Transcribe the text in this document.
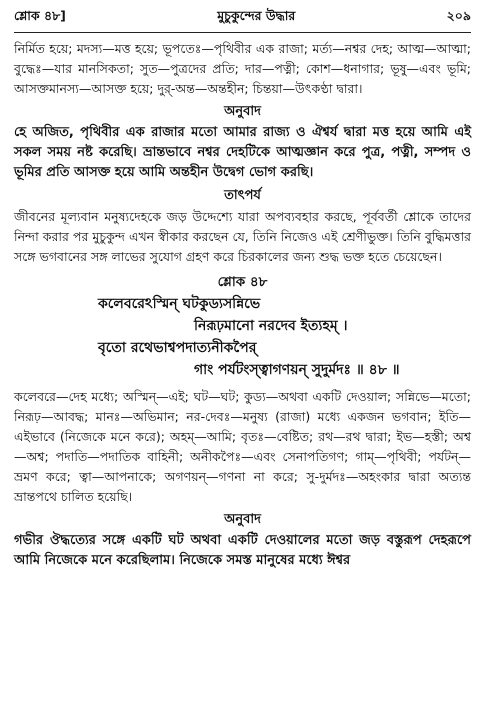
শ্লোক ৪৮]	মুচুকুন্দের উদ্ধার	২০৯

নির্মিত হয়ে; মদস্য—মত্ত হয়ে; ভূপতেঃ—পৃথিবীর এক রাজা; মর্ত্য—নশ্বর দেহ; আত্ম—আত্মা; বুদ্ধেঃ—যার মানসিকতা; সুত—পুত্রদের প্রতি; দার—পত্নী; কোশ—ধনাগার; ভূষু—এবং ভূমি; আসক্তমানস্য—আসক্ত হয়ে; দুর্-অন্ত—অন্তহীন; চিন্তয়া—উৎকণ্ঠা দ্বারা।

অনুবাদ

হে অজিত, পৃথিবীর এক রাজার মতো আমার রাজ্য ও ঐশ্বর্য দ্বারা মত্ত হয়ে আমি এই সকল সময় নষ্ট করেছি। ভ্রান্তভাবে নশ্বর দেহটিকে আত্মজ্ঞান করে পুত্র, পত্নী, সম্পদ ও ভূমির প্রতি আসক্ত হয়ে আমি অন্তহীন উদ্বেগ ভোগ করছি।

তাৎপর্য

জীবনের মূল্যবান মনুষ্যদেহকে জড় উদ্দেশ্যে যারা অপব্যবহার করছে, পূর্ববর্তী শ্লোকে তাদের নিন্দা করার পর মুচুকুন্দ এখন স্বীকার করছেন যে, তিনি নিজেও এই শ্রেণীভুক্ত। তিনি বুদ্ধিমত্তার সঙ্গে ভগবানের সঙ্গ লাভের সুযোগ গ্রহণ করে চিরকালের জন্য শুদ্ধ ভক্ত হতে চেয়েছেন।

শ্লোক ৪৮
কলেবরেঽস্মিন্ ঘটকুড্যসন্নিভে
নিরূঢ়মানো নরদেব ইত্যহম্ ।
বৃতো রথেভাশ্বপদাত্যনীকপৈর্
গাং পর্যটংস্ত্বাগণয়ন্ সুদুর্মদঃ ॥ ৪৮ ॥

কলেবরে—দেহ মধ্যে; অস্মিন্—এই; ঘট—ঘট; কুড্য—অথবা একটি দেওয়াল; সন্নিভে—মতো; নিরূঢ়—আবদ্ধ; মানঃ—অভিমান; নর-দেবঃ—মনুষ্য (রাজা) মধ্যে একজন ভগবান; ইতি—এইভাবে (নিজেকে মনে করে); অহম্—আমি; বৃতঃ—বেষ্টিত; রথ—রথ দ্বারা; ইভ—হস্তী; অশ্ব—অশ্ব; পদাতি—পদাতিক বাহিনী; অনীকপৈঃ—এবং সেনাপতিগণ; গাম্—পৃথিবী; পর্যটন্—ভ্রমণ করে; ত্বা—আপনাকে; অগণয়ন্—গণনা না করে; সু-দুর্মদঃ—অহংকার দ্বারা অত্যন্ত ভ্রান্তপথে চালিত হয়েছি।

অনুবাদ

গভীর ঔদ্ধত্যের সঙ্গে একটি ঘট অথবা একটি দেওয়ালের মতো জড় বস্তুরূপ দেহরূপে আমি নিজেকে মনে করেছিলাম। নিজেকে সমস্ত মানুষের মধ্যে ঈশ্বর
